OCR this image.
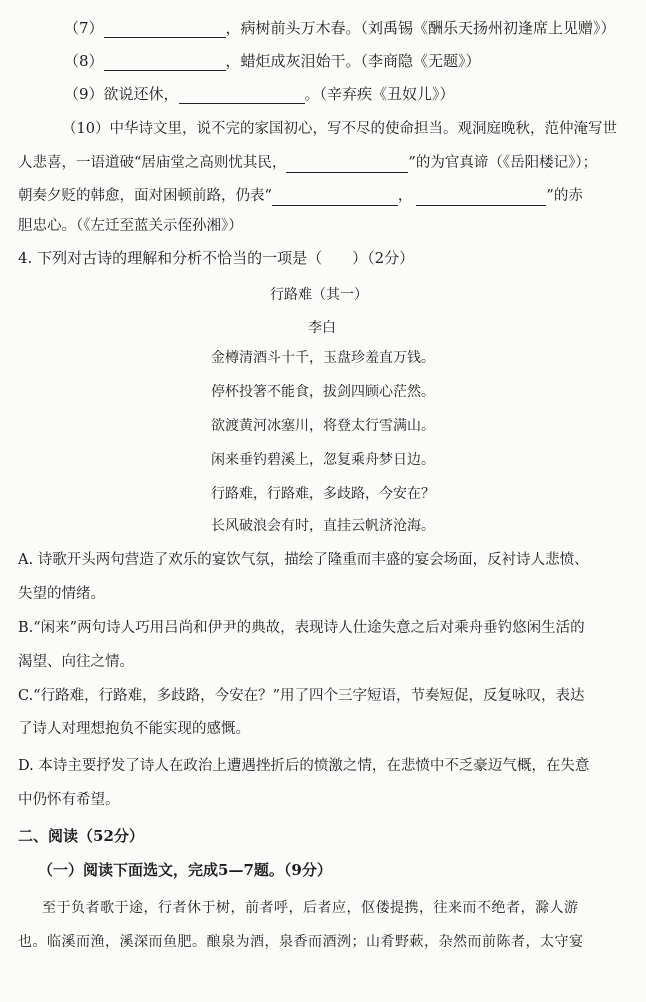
（7）	，病树前头万木春。（刘禹锡《酬乐天扬州初逢席上见赠》）
（8）	，蜡炬成灰泪始干。（李商隐《无题》）
（9）欲说还休，	。（辛弃疾《丑奴儿》）
（10）中华诗文里，说不完的家国初心，写不尽的使命担当。观洞庭晚秋，范仲淹写世
人悲喜，一语道破“居庙堂之高则忧其民，	”的为官真谛（《岳阳楼记》）；
朝奏夕贬的韩愈，面对困顿前路，仍表“	，	”的赤
胆忠心。（《左迁至蓝关示侄孙湘》）
4. 下列对古诗的理解和分析不恰当的一项是（　　）（2分）
行路难（其一）
李白
金樽清酒斗十千，玉盘珍羞直万钱。
停杯投箸不能食，拔剑四顾心茫然。
欲渡黄河冰塞川，将登太行雪满山。
闲来垂钓碧溪上，忽复乘舟梦日边。
行路难，行路难，多歧路，今安在？
长风破浪会有时，直挂云帆济沧海。
A. 诗歌开头两句营造了欢乐的宴饮气氛，描绘了隆重而丰盛的宴会场面，反衬诗人悲愤、
失望的情绪。
B.“闲来”两句诗人巧用吕尚和伊尹的典故，表现诗人仕途失意之后对乘舟垂钓悠闲生活的
渴望、向往之情。
C.“行路难，行路难，多歧路，今安在？”用了四个三字短语，节奏短促，反复咏叹，表达
了诗人对理想抱负不能实现的感慨。
D. 本诗主要抒发了诗人在政治上遭遇挫折后的愤激之情，在悲愤中不乏豪迈气概，在失意
中仍怀有希望。
二、阅读（52分）
（一）阅读下面选文，完成5—7题。（9分）
至于负者歌于途，行者休于树，前者呼，后者应，伛偻提携，往来而不绝者，滁人游
也。临溪而渔，溪深而鱼肥。酿泉为酒，泉香而酒洌；山肴野蔌，杂然而前陈者，太守宴
